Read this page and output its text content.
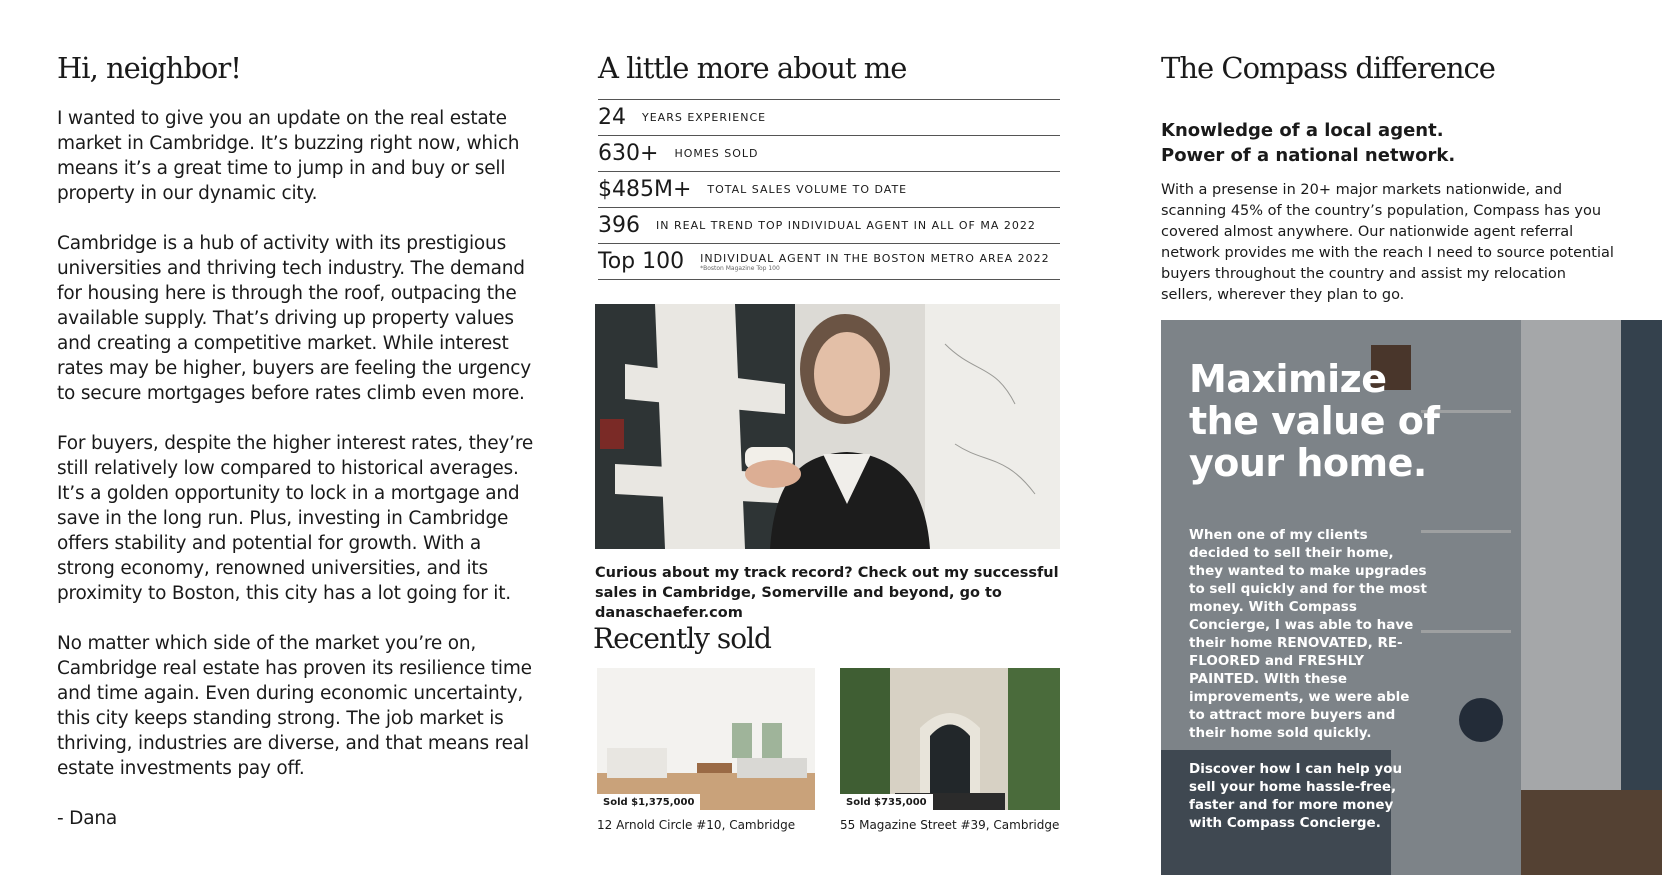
Hi, neighbor!

I wanted to give you an update on the real estate market in Cambridge. It’s buzzing right now, which means it’s a great time to jump in and buy or sell property in our dynamic city.

Cambridge is a hub of activity with its prestigious universities and thriving tech industry. The demand for housing here is through the roof, outpacing the available supply. That’s driving up property values and creating a competitive market. While interest rates may be higher, buyers are feeling the urgency to secure mortgages before rates climb even more.

For buyers, despite the higher interest rates, they’re still relatively low compared to historical averages. It’s a golden opportunity to lock in a mortgage and save in the long run. Plus, investing in Cambridge offers stability and potential for growth. With a strong economy, renowned universities, and its proximity to Boston, this city has a lot going for it.

No matter which side of the market you’re on, Cambridge real estate has proven its resilience time and time again. Even during economic uncertainty, this city keeps standing strong. The job market is thriving, industries are diverse, and that means real estate investments pay off.

- Dana

A little more about me
24 YEARS EXPERIENCE
630+ HOMES SOLD
$485M+ TOTAL SALES VOLUME TO DATE
396 IN REAL TREND TOP INDIVIDUAL AGENT IN ALL OF MA 2022
Top 100 INDIVIDUAL AGENT IN THE BOSTON METRO AREA 2022
*Boston Magazine Top 100
Curious about my track record? Check out my successful sales in Cambridge, Somerville and beyond, go to danaschaefer.com
Recently sold
Sold $1,375,000
12 Arnold Circle #10, Cambridge
Sold $735,000
55 Magazine Street #39, Cambridge
The Compass difference
Knowledge of a local agent.
Power of a national network.
With a presense in 20+ major markets nationwide, and scanning 45% of the country’s population, Compass has you covered almost anywhere. Our nationwide agent referral network provides me with the reach I need to source potential buyers throughout the country and assist my relocation sellers, wherever they plan to go.
Maximize
the value of
your home.

When one of my clients decided to sell their home, they wanted to make upgrades to sell quickly and for the most money. With Compass Concierge, I was able to have their home RENOVATED, RE-FLOORED and FRESHLY PAINTED. WIth these improvements, we were able to attract more buyers and their home sold quickly.

Discover how I can help you sell your home hassle-free, faster and for more money with Compass Concierge.
